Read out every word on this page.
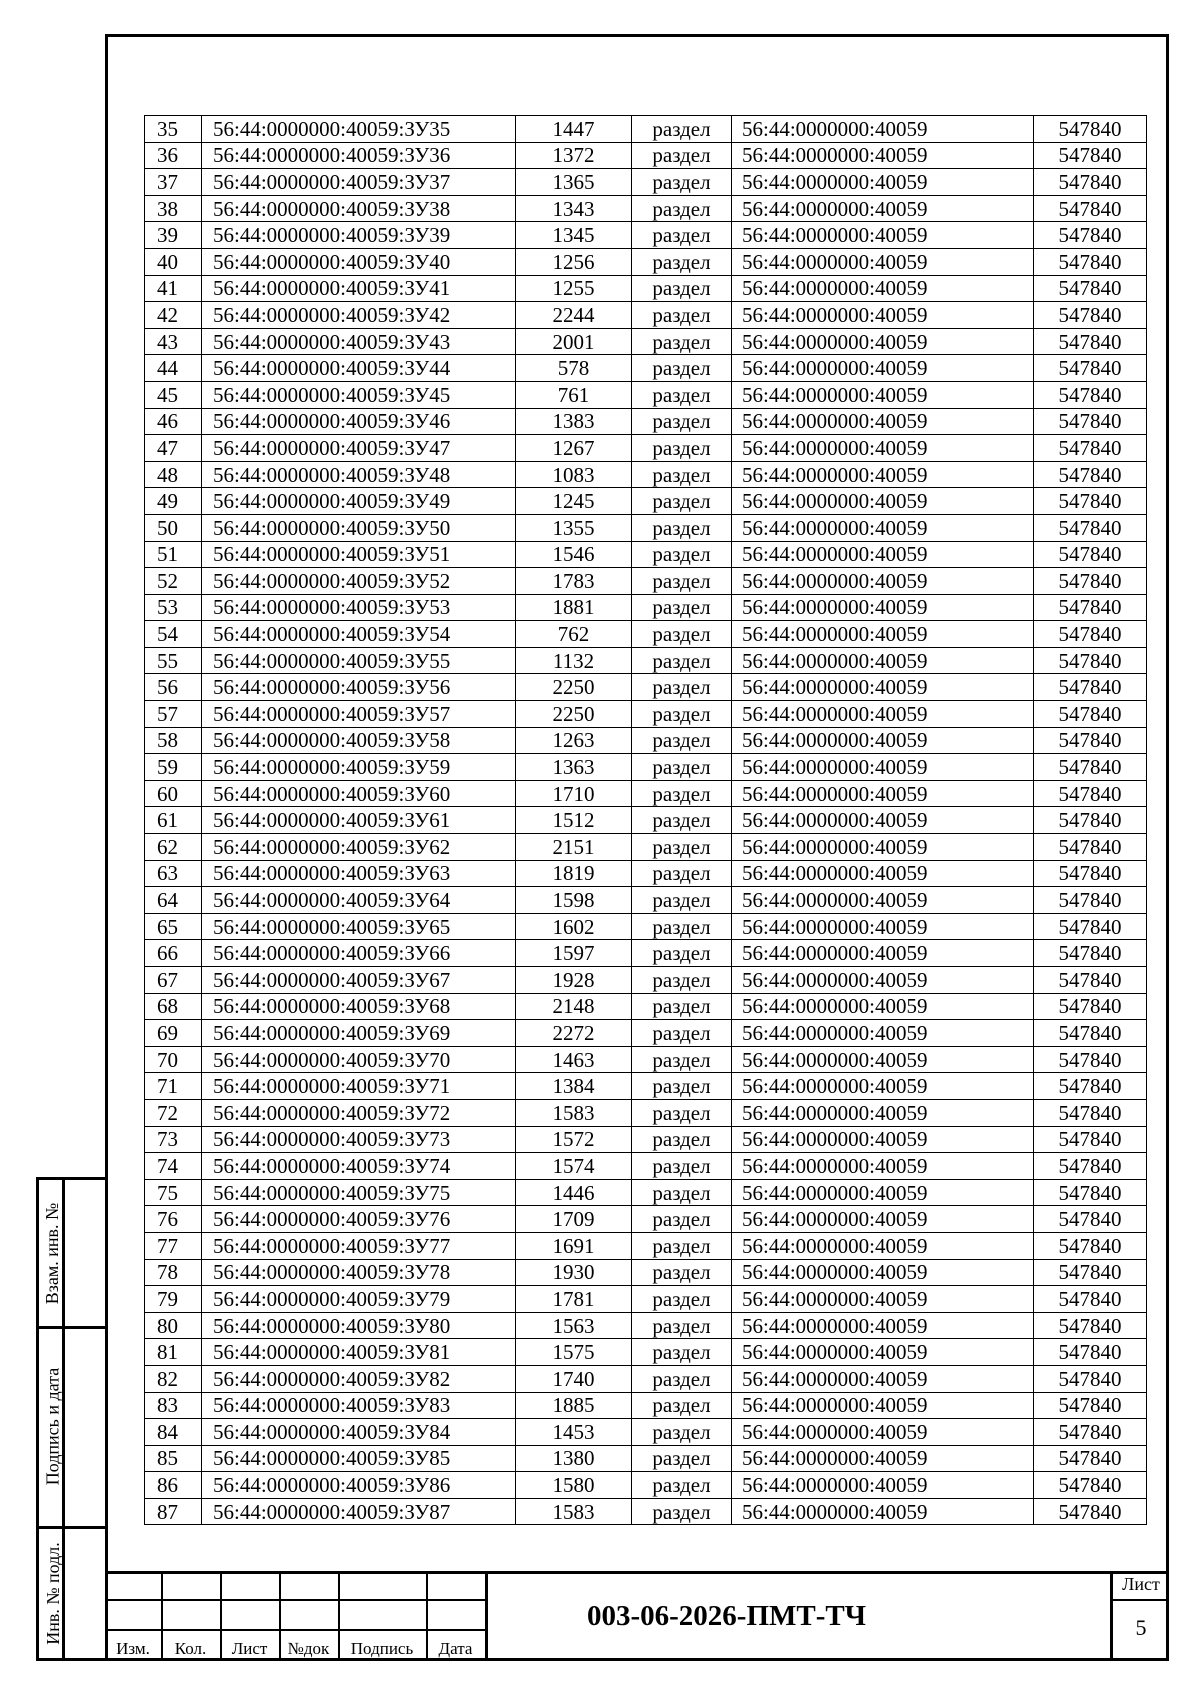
35	56:44:0000000:40059:ЗУ35	1447	раздел	56:44:0000000:40059	547840
36	56:44:0000000:40059:ЗУ36	1372	раздел	56:44:0000000:40059	547840
37	56:44:0000000:40059:ЗУ37	1365	раздел	56:44:0000000:40059	547840
38	56:44:0000000:40059:ЗУ38	1343	раздел	56:44:0000000:40059	547840
39	56:44:0000000:40059:ЗУ39	1345	раздел	56:44:0000000:40059	547840
40	56:44:0000000:40059:ЗУ40	1256	раздел	56:44:0000000:40059	547840
41	56:44:0000000:40059:ЗУ41	1255	раздел	56:44:0000000:40059	547840
42	56:44:0000000:40059:ЗУ42	2244	раздел	56:44:0000000:40059	547840
43	56:44:0000000:40059:ЗУ43	2001	раздел	56:44:0000000:40059	547840
44	56:44:0000000:40059:ЗУ44	578	раздел	56:44:0000000:40059	547840
45	56:44:0000000:40059:ЗУ45	761	раздел	56:44:0000000:40059	547840
46	56:44:0000000:40059:ЗУ46	1383	раздел	56:44:0000000:40059	547840
47	56:44:0000000:40059:ЗУ47	1267	раздел	56:44:0000000:40059	547840
48	56:44:0000000:40059:ЗУ48	1083	раздел	56:44:0000000:40059	547840
49	56:44:0000000:40059:ЗУ49	1245	раздел	56:44:0000000:40059	547840
50	56:44:0000000:40059:ЗУ50	1355	раздел	56:44:0000000:40059	547840
51	56:44:0000000:40059:ЗУ51	1546	раздел	56:44:0000000:40059	547840
52	56:44:0000000:40059:ЗУ52	1783	раздел	56:44:0000000:40059	547840
53	56:44:0000000:40059:ЗУ53	1881	раздел	56:44:0000000:40059	547840
54	56:44:0000000:40059:ЗУ54	762	раздел	56:44:0000000:40059	547840
55	56:44:0000000:40059:ЗУ55	1132	раздел	56:44:0000000:40059	547840
56	56:44:0000000:40059:ЗУ56	2250	раздел	56:44:0000000:40059	547840
57	56:44:0000000:40059:ЗУ57	2250	раздел	56:44:0000000:40059	547840
58	56:44:0000000:40059:ЗУ58	1263	раздел	56:44:0000000:40059	547840
59	56:44:0000000:40059:ЗУ59	1363	раздел	56:44:0000000:40059	547840
60	56:44:0000000:40059:ЗУ60	1710	раздел	56:44:0000000:40059	547840
61	56:44:0000000:40059:ЗУ61	1512	раздел	56:44:0000000:40059	547840
62	56:44:0000000:40059:ЗУ62	2151	раздел	56:44:0000000:40059	547840
63	56:44:0000000:40059:ЗУ63	1819	раздел	56:44:0000000:40059	547840
64	56:44:0000000:40059:ЗУ64	1598	раздел	56:44:0000000:40059	547840
65	56:44:0000000:40059:ЗУ65	1602	раздел	56:44:0000000:40059	547840
66	56:44:0000000:40059:ЗУ66	1597	раздел	56:44:0000000:40059	547840
67	56:44:0000000:40059:ЗУ67	1928	раздел	56:44:0000000:40059	547840
68	56:44:0000000:40059:ЗУ68	2148	раздел	56:44:0000000:40059	547840
69	56:44:0000000:40059:ЗУ69	2272	раздел	56:44:0000000:40059	547840
70	56:44:0000000:40059:ЗУ70	1463	раздел	56:44:0000000:40059	547840
71	56:44:0000000:40059:ЗУ71	1384	раздел	56:44:0000000:40059	547840
72	56:44:0000000:40059:ЗУ72	1583	раздел	56:44:0000000:40059	547840
73	56:44:0000000:40059:ЗУ73	1572	раздел	56:44:0000000:40059	547840
74	56:44:0000000:40059:ЗУ74	1574	раздел	56:44:0000000:40059	547840
75	56:44:0000000:40059:ЗУ75	1446	раздел	56:44:0000000:40059	547840
76	56:44:0000000:40059:ЗУ76	1709	раздел	56:44:0000000:40059	547840
77	56:44:0000000:40059:ЗУ77	1691	раздел	56:44:0000000:40059	547840
78	56:44:0000000:40059:ЗУ78	1930	раздел	56:44:0000000:40059	547840
79	56:44:0000000:40059:ЗУ79	1781	раздел	56:44:0000000:40059	547840
80	56:44:0000000:40059:ЗУ80	1563	раздел	56:44:0000000:40059	547840
81	56:44:0000000:40059:ЗУ81	1575	раздел	56:44:0000000:40059	547840
82	56:44:0000000:40059:ЗУ82	1740	раздел	56:44:0000000:40059	547840
83	56:44:0000000:40059:ЗУ83	1885	раздел	56:44:0000000:40059	547840
84	56:44:0000000:40059:ЗУ84	1453	раздел	56:44:0000000:40059	547840
85	56:44:0000000:40059:ЗУ85	1380	раздел	56:44:0000000:40059	547840
86	56:44:0000000:40059:ЗУ86	1580	раздел	56:44:0000000:40059	547840
87	56:44:0000000:40059:ЗУ87	1583	раздел	56:44:0000000:40059	547840
Взам. инв. №
Подпись и дата
Инв. № подл.
Изм.	Кол.	Лист	№док	Подпись	Дата
003-06-2026-ПМТ-ТЧ
Лист
5
